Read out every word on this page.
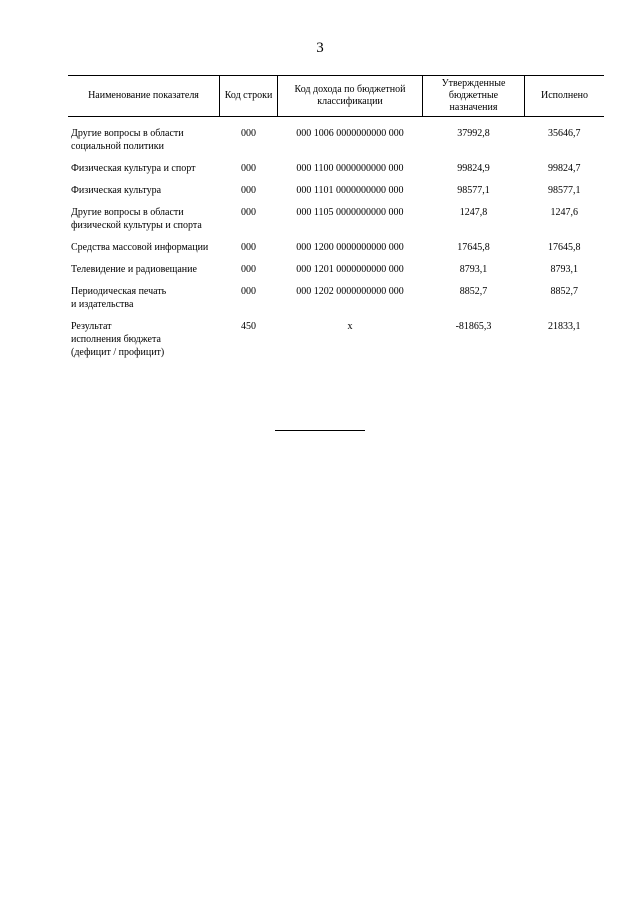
3
Наименование показателя	Код строки	Код дохода по бюджетной классификации	Утвержденные бюджетные назначения	Исполнено

Другие вопросы в области социальной политики	000	000 1006 0000000000 000	37992,8	35646,7

Физическая культура и спорт	000	000 1100 0000000000 000	99824,9	99824,7

Физическая культура	000	000 1101 0000000000 000	98577,1	98577,1

Другие вопросы в области физической культуры и спорта	000	000 1105 0000000000 000	1247,8	1247,6

Средства массовой информации	000	000 1200 0000000000 000	17645,8	17645,8

Телевидение и радиовещание	000	000 1201 0000000000 000	8793,1	8793,1

Периодическая печать
и издательства	000	000 1202 0000000000 000	8852,7	8852,7

Результат
исполнения бюджета
(дефицит / профицит)	450	x	-81865,3	21833,1
